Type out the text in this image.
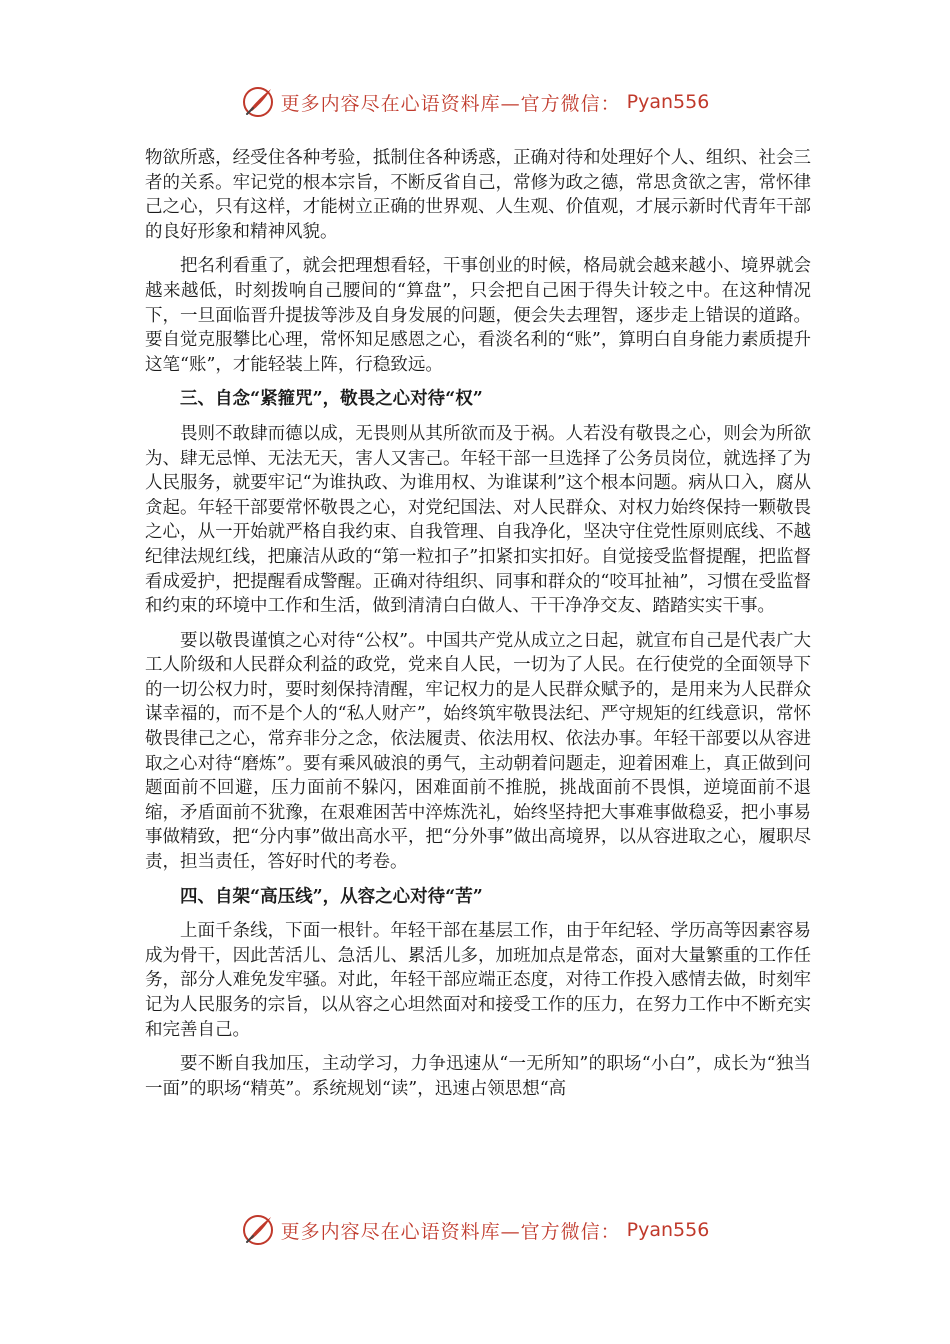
更多内容尽在心语资料库—官方微信： Pyan556

物欲所惑，经受住各种考验，抵制住各种诱惑，正确对待和处理好个人、组织、社会三者的关系。牢记党的根本宗旨，不断反省自己，常修为政之德，常思贪欲之害，常怀律己之心，只有这样，才能树立正确的世界观、人生观、价值观，才展示新时代青年干部的良好形象和精神风貌。

把名利看重了，就会把理想看轻，干事创业的时候，格局就会越来越小、境界就会越来越低，时刻拨响自己腰间的“算盘”，只会把自己困于得失计较之中。在这种情况下，一旦面临晋升提拔等涉及自身发展的问题，便会失去理智，逐步走上错误的道路。要自觉克服攀比心理，常怀知足感恩之心，看淡名利的“账”，算明白自身能力素质提升这笔“账”，才能轻装上阵，行稳致远。

三、自念“紧箍咒”，敬畏之心对待“权”

畏则不敢肆而德以成，无畏则从其所欲而及于祸。人若没有敬畏之心，则会为所欲为、肆无忌惮、无法无天，害人又害己。年轻干部一旦选择了公务员岗位，就选择了为人民服务，就要牢记“为谁执政、为谁用权、为谁谋利”这个根本问题。病从口入，腐从贪起。年轻干部要常怀敬畏之心，对党纪国法、对人民群众、对权力始终保持一颗敬畏之心，从一开始就严格自我约束、自我管理、自我净化，坚决守住党性原则底线、不越纪律法规红线，把廉洁从政的“第一粒扣子”扣紧扣实扣好。自觉接受监督提醒，把监督看成爱护，把提醒看成警醒。正确对待组织、同事和群众的“咬耳扯袖”，习惯在受监督和约束的环境中工作和生活，做到清清白白做人、干干净净交友、踏踏实实干事。

要以敬畏谨慎之心对待“公权”。中国共产党从成立之日起，就宣布自己是代表广大工人阶级和人民群众利益的政党，党来自人民，一切为了人民。在行使党的全面领导下的一切公权力时，要时刻保持清醒，牢记权力的是人民群众赋予的，是用来为人民群众谋幸福的，而不是个人的“私人财产”，始终筑牢敬畏法纪、严守规矩的红线意识，常怀敬畏律己之心，常弃非分之念，依法履责、依法用权、依法办事。年轻干部要以从容进取之心对待“磨炼”。要有乘风破浪的勇气，主动朝着问题走，迎着困难上，真正做到问题面前不回避，压力面前不躲闪，困难面前不推脱，挑战面前不畏惧，逆境面前不退缩，矛盾面前不犹豫，在艰难困苦中淬炼洗礼，始终坚持把大事难事做稳妥，把小事易事做精致，把“分内事”做出高水平，把“分外事”做出高境界，以从容进取之心，履职尽责，担当责任，答好时代的考卷。

四、自架“高压线”，从容之心对待“苦”

上面千条线，下面一根针。年轻干部在基层工作，由于年纪轻、学历高等因素容易成为骨干，因此苦活儿、急活儿、累活儿多，加班加点是常态，面对大量繁重的工作任务，部分人难免发牢骚。对此，年轻干部应端正态度，对待工作投入感情去做，时刻牢记为人民服务的宗旨，以从容之心坦然面对和接受工作的压力，在努力工作中不断充实和完善自己。

要不断自我加压，主动学习，力争迅速从“一无所知”的职场“小白”，成长为“独当一面”的职场“精英”。系统规划“读”，迅速占领思想“高

更多内容尽在心语资料库—官方微信： Pyan556
